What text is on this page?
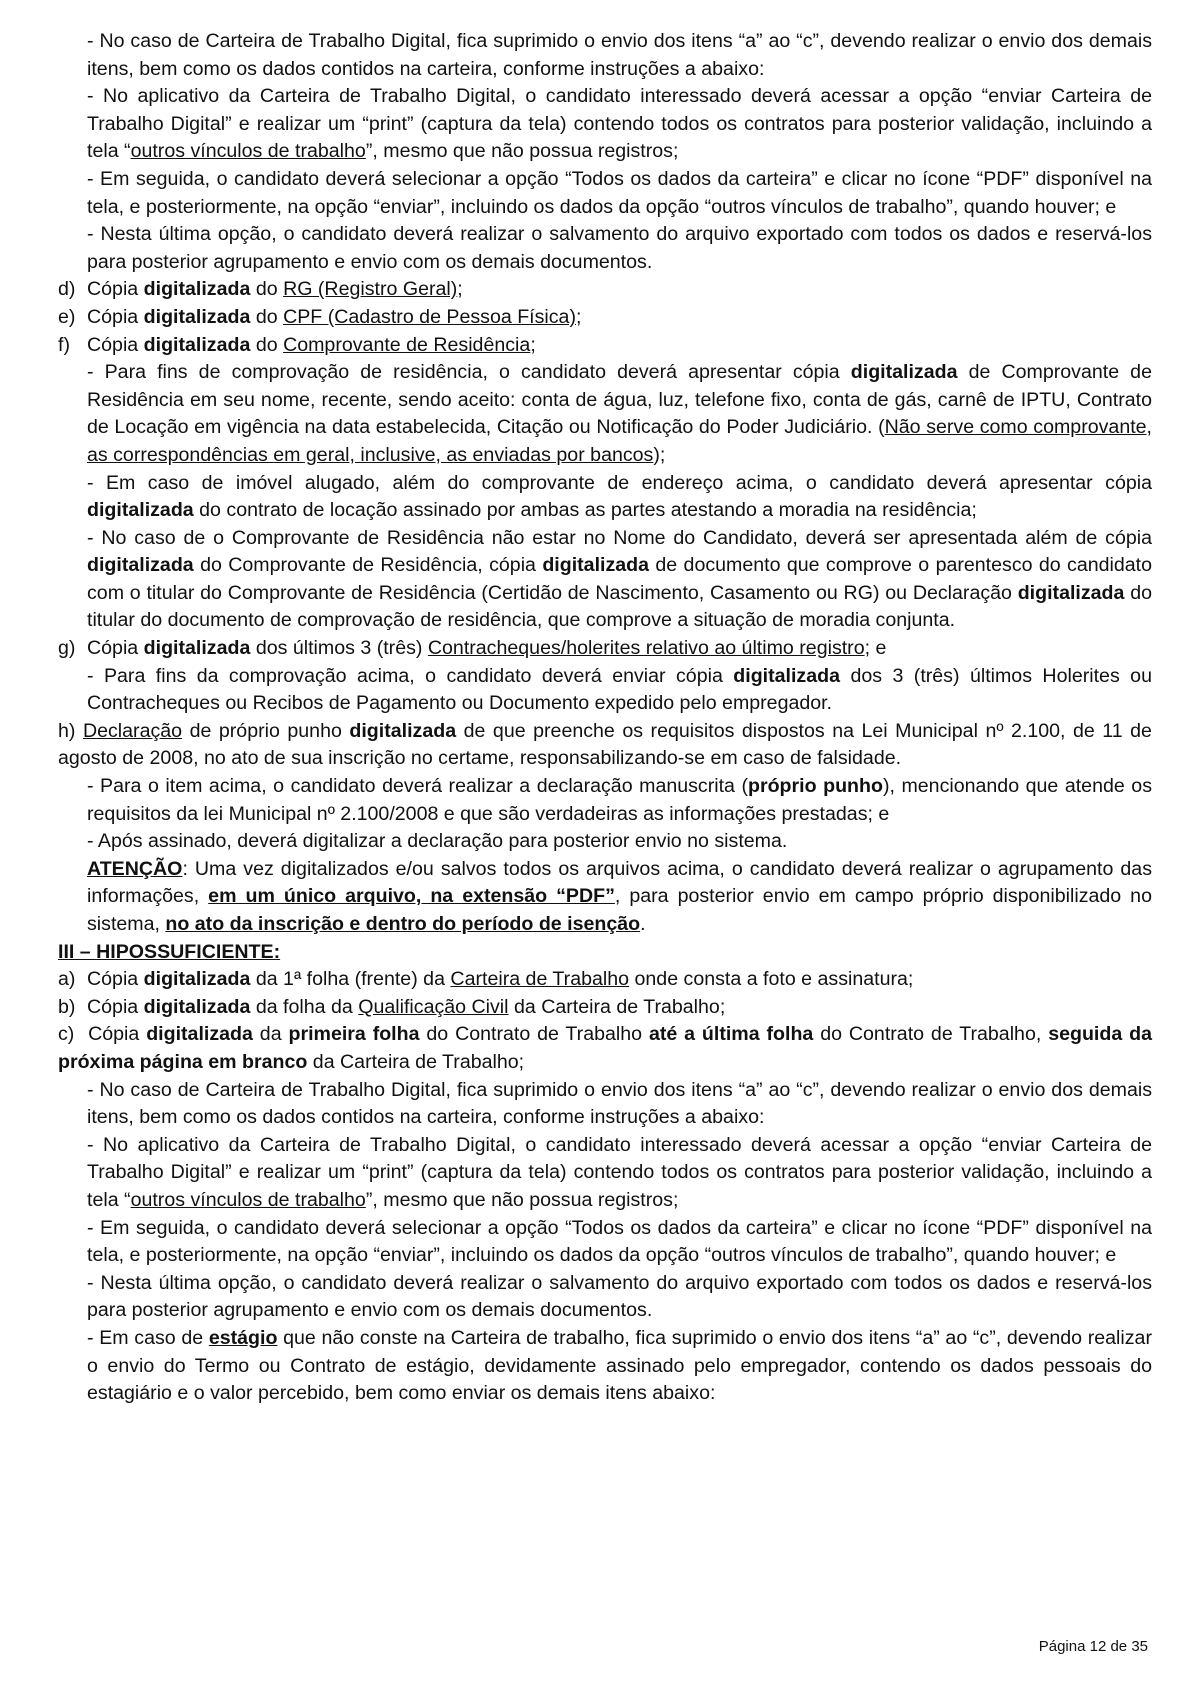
- No caso de Carteira de Trabalho Digital, fica suprimido o envio dos itens “a” ao “c”, devendo realizar o envio dos demais itens, bem como os dados contidos na carteira, conforme instruções a abaixo:

- No aplicativo da Carteira de Trabalho Digital, o candidato interessado deverá acessar a opção “enviar Carteira de Trabalho Digital” e realizar um “print” (captura da tela) contendo todos os contratos para posterior validação, incluindo a tela “outros vínculos de trabalho”, mesmo que não possua registros;

- Em seguida, o candidato deverá selecionar a opção “Todos os dados da carteira” e clicar no ícone “PDF” disponível na tela, e posteriormente, na opção “enviar”, incluindo os dados da opção “outros vínculos de trabalho”, quando houver; e

- Nesta última opção, o candidato deverá realizar o salvamento do arquivo exportado com todos os dados e reservá-los para posterior agrupamento e envio com os demais documentos.

d) Cópia digitalizada do RG (Registro Geral);
e) Cópia digitalizada do CPF (Cadastro de Pessoa Física);
f) Cópia digitalizada do Comprovante de Residência;

- Para fins de comprovação de residência, o candidato deverá apresentar cópia digitalizada de Comprovante de Residência em seu nome, recente, sendo aceito: conta de água, luz, telefone fixo, conta de gás, carnê de IPTU, Contrato de Locação em vigência na data estabelecida, Citação ou Notificação do Poder Judiciário. (Não serve como comprovante, as correspondências em geral, inclusive, as enviadas por bancos);

- Em caso de imóvel alugado, além do comprovante de endereço acima, o candidato deverá apresentar cópia digitalizada do contrato de locação assinado por ambas as partes atestando a moradia na residência;

- No caso de o Comprovante de Residência não estar no Nome do Candidato, deverá ser apresentada além de cópia digitalizada do Comprovante de Residência, cópia digitalizada de documento que comprove o parentesco do candidato com o titular do Comprovante de Residência (Certidão de Nascimento, Casamento ou RG) ou Declaração digitalizada do titular do documento de comprovação de residência, que comprove a situação de moradia conjunta.

g) Cópia digitalizada dos últimos 3 (três) Contracheques/holerites relativo ao último registro; e

- Para fins da comprovação acima, o candidato deverá enviar cópia digitalizada dos 3 (três) últimos Holerites ou Contracheques ou Recibos de Pagamento ou Documento expedido pelo empregador.

h) Declaração de próprio punho digitalizada de que preenche os requisitos dispostos na Lei Municipal nº 2.100, de 11 de agosto de 2008, no ato de sua inscrição no certame, responsabilizando-se em caso de falsidade.

- Para o item acima, o candidato deverá realizar a declaração manuscrita (próprio punho), mencionando que atende os requisitos da lei Municipal nº 2.100/2008 e que são verdadeiras as informações prestadas; e

- Após assinado, deverá digitalizar a declaração para posterior envio no sistema.

ATENÇÃO: Uma vez digitalizados e/ou salvos todos os arquivos acima, o candidato deverá realizar o agrupamento das informações, em um único arquivo, na extensão “PDF”, para posterior envio em campo próprio disponibilizado no sistema, no ato da inscrição e dentro do período de isenção.

III – HIPOSSUFICIENTE:

a) Cópia digitalizada da 1ª folha (frente) da Carteira de Trabalho onde consta a foto e assinatura;
b) Cópia digitalizada da folha da Qualificação Civil da Carteira de Trabalho;

c) Cópia digitalizada da primeira folha do Contrato de Trabalho até a última folha do Contrato de Trabalho, seguida da próxima página em branco da Carteira de Trabalho;

- No caso de Carteira de Trabalho Digital, fica suprimido o envio dos itens “a” ao “c”, devendo realizar o envio dos demais itens, bem como os dados contidos na carteira, conforme instruções a abaixo:

- No aplicativo da Carteira de Trabalho Digital, o candidato interessado deverá acessar a opção “enviar Carteira de Trabalho Digital” e realizar um “print” (captura da tela) contendo todos os contratos para posterior validação, incluindo a tela “outros vínculos de trabalho”, mesmo que não possua registros;

- Em seguida, o candidato deverá selecionar a opção “Todos os dados da carteira” e clicar no ícone “PDF” disponível na tela, e posteriormente, na opção “enviar”, incluindo os dados da opção “outros vínculos de trabalho”, quando houver; e

- Nesta última opção, o candidato deverá realizar o salvamento do arquivo exportado com todos os dados e reservá-los para posterior agrupamento e envio com os demais documentos.

- Em caso de estágio que não conste na Carteira de trabalho, fica suprimido o envio dos itens “a” ao “c”, devendo realizar o envio do Termo ou Contrato de estágio, devidamente assinado pelo empregador, contendo os dados pessoais do estagiário e o valor percebido, bem como enviar os demais itens abaixo:

Página 12 de 35
